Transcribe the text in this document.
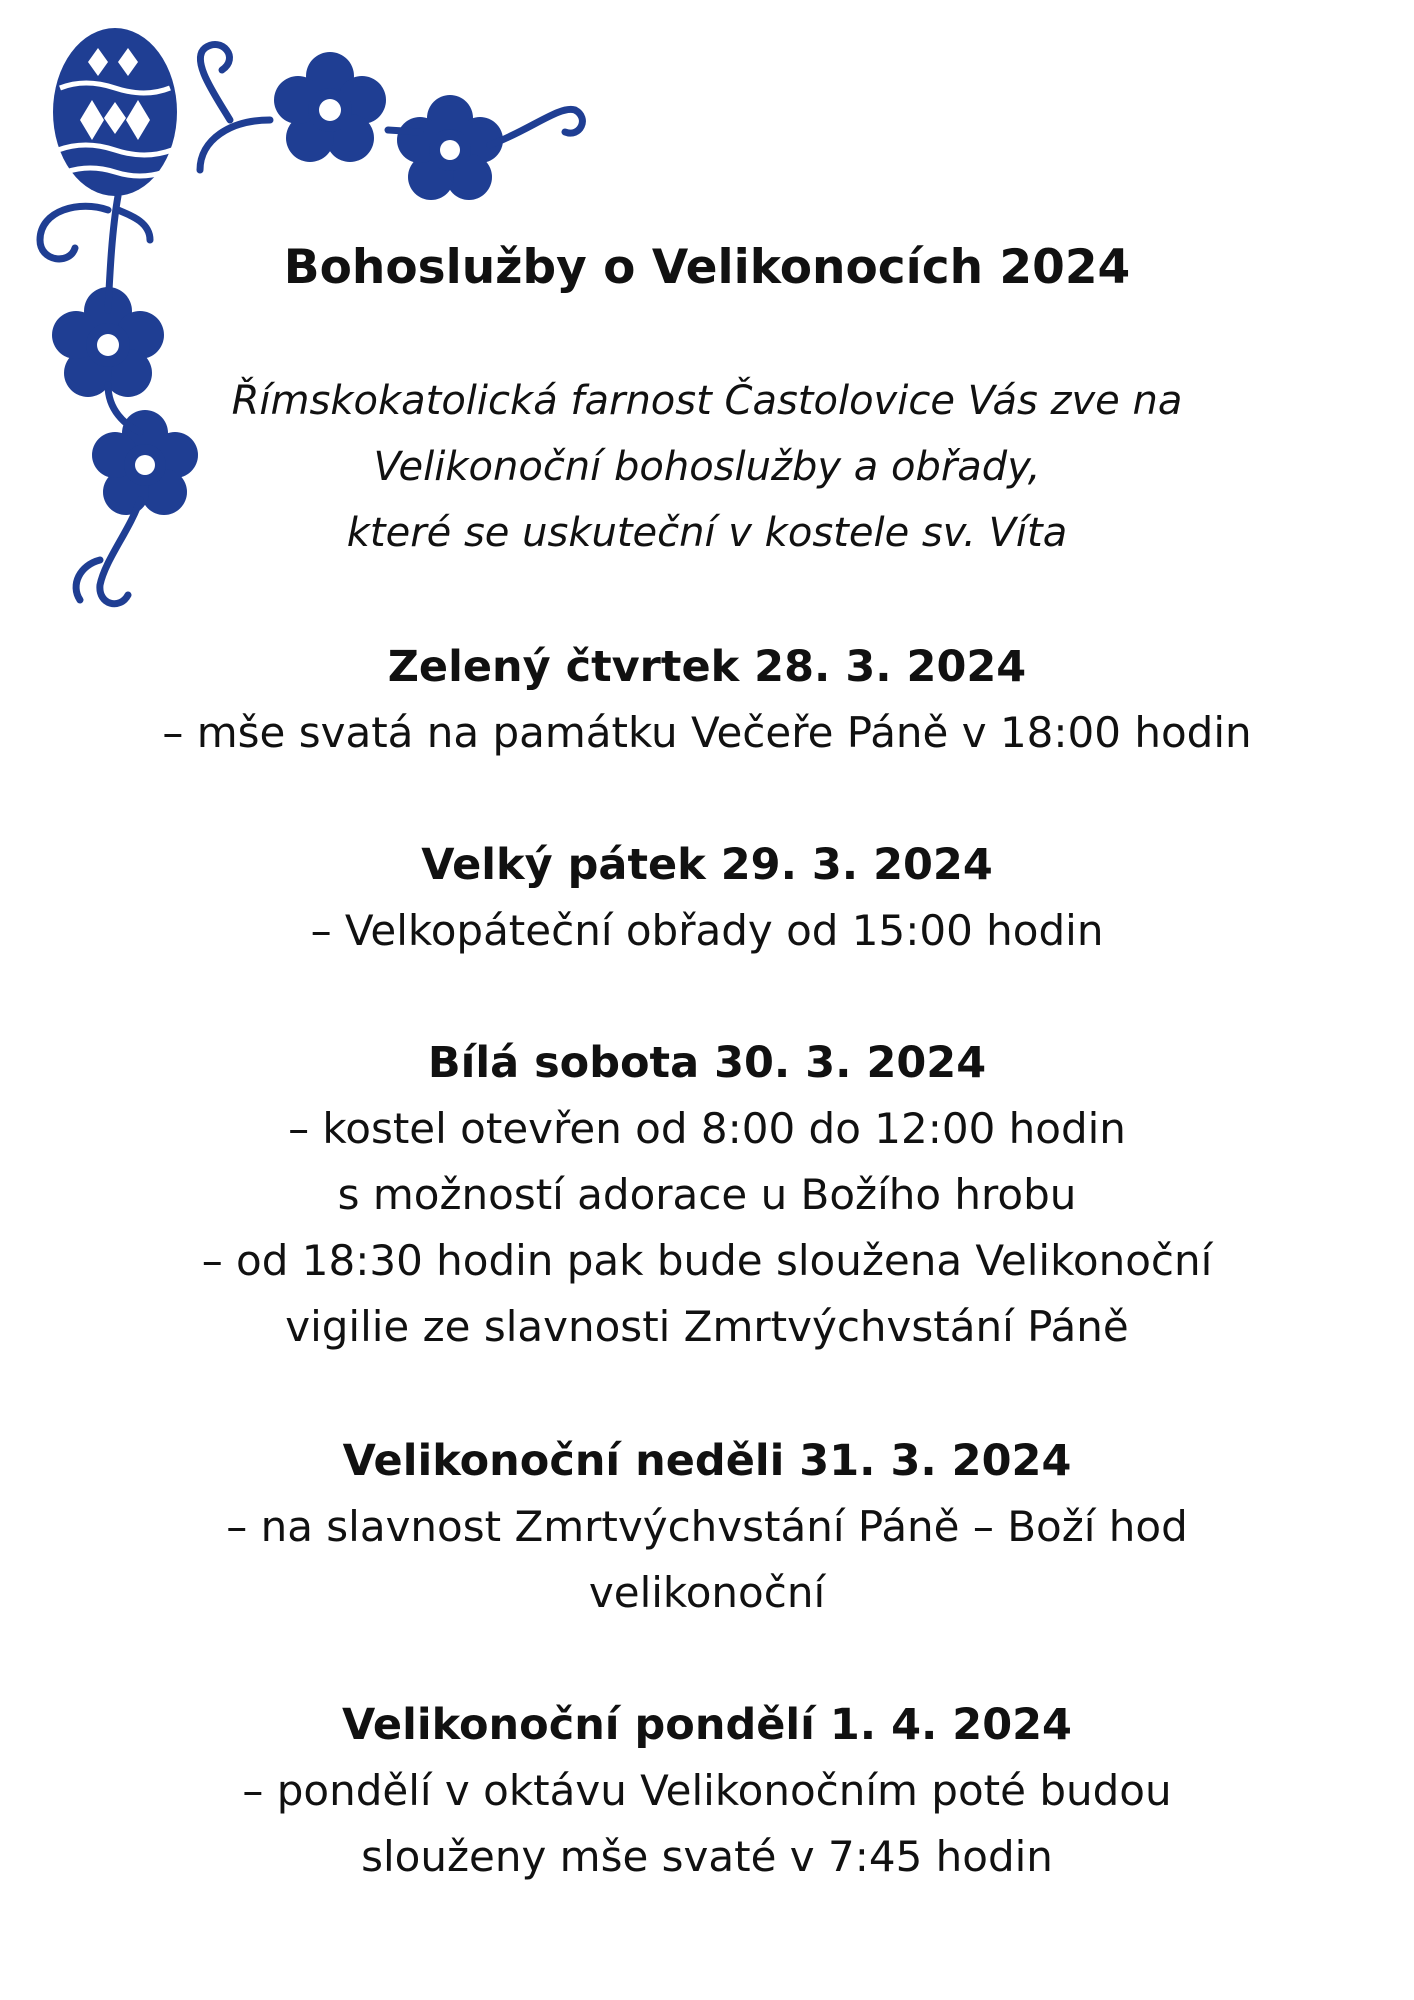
Bohoslužby o Velikonocích 2024
Římskokatolická farnost Častolovice Vás zve na
Velikonoční bohoslužby a obřady,
které se uskuteční v kostele sv. Víta
Zelený čtvrtek 28. 3. 2024
– mše svatá na památku Večeře Páně v 18:00 hodin
Velký pátek 29. 3. 2024
– Velkopáteční obřady od 15:00 hodin
Bílá sobota 30. 3. 2024
– kostel otevřen od 8:00 do 12:00 hodin
s možností adorace u Božího hrobu
– od 18:30 hodin pak bude sloužena Velikonoční
vigilie ze slavnosti Zmrtvýchvstání Páně
Velikonoční neděli 31. 3. 2024
– na slavnost Zmrtvýchvstání Páně – Boží hod
velikonoční
Velikonoční pondělí 1. 4. 2024
– pondělí v oktávu Velikonočním poté budou
slouženy mše svaté v 7:45 hodin
